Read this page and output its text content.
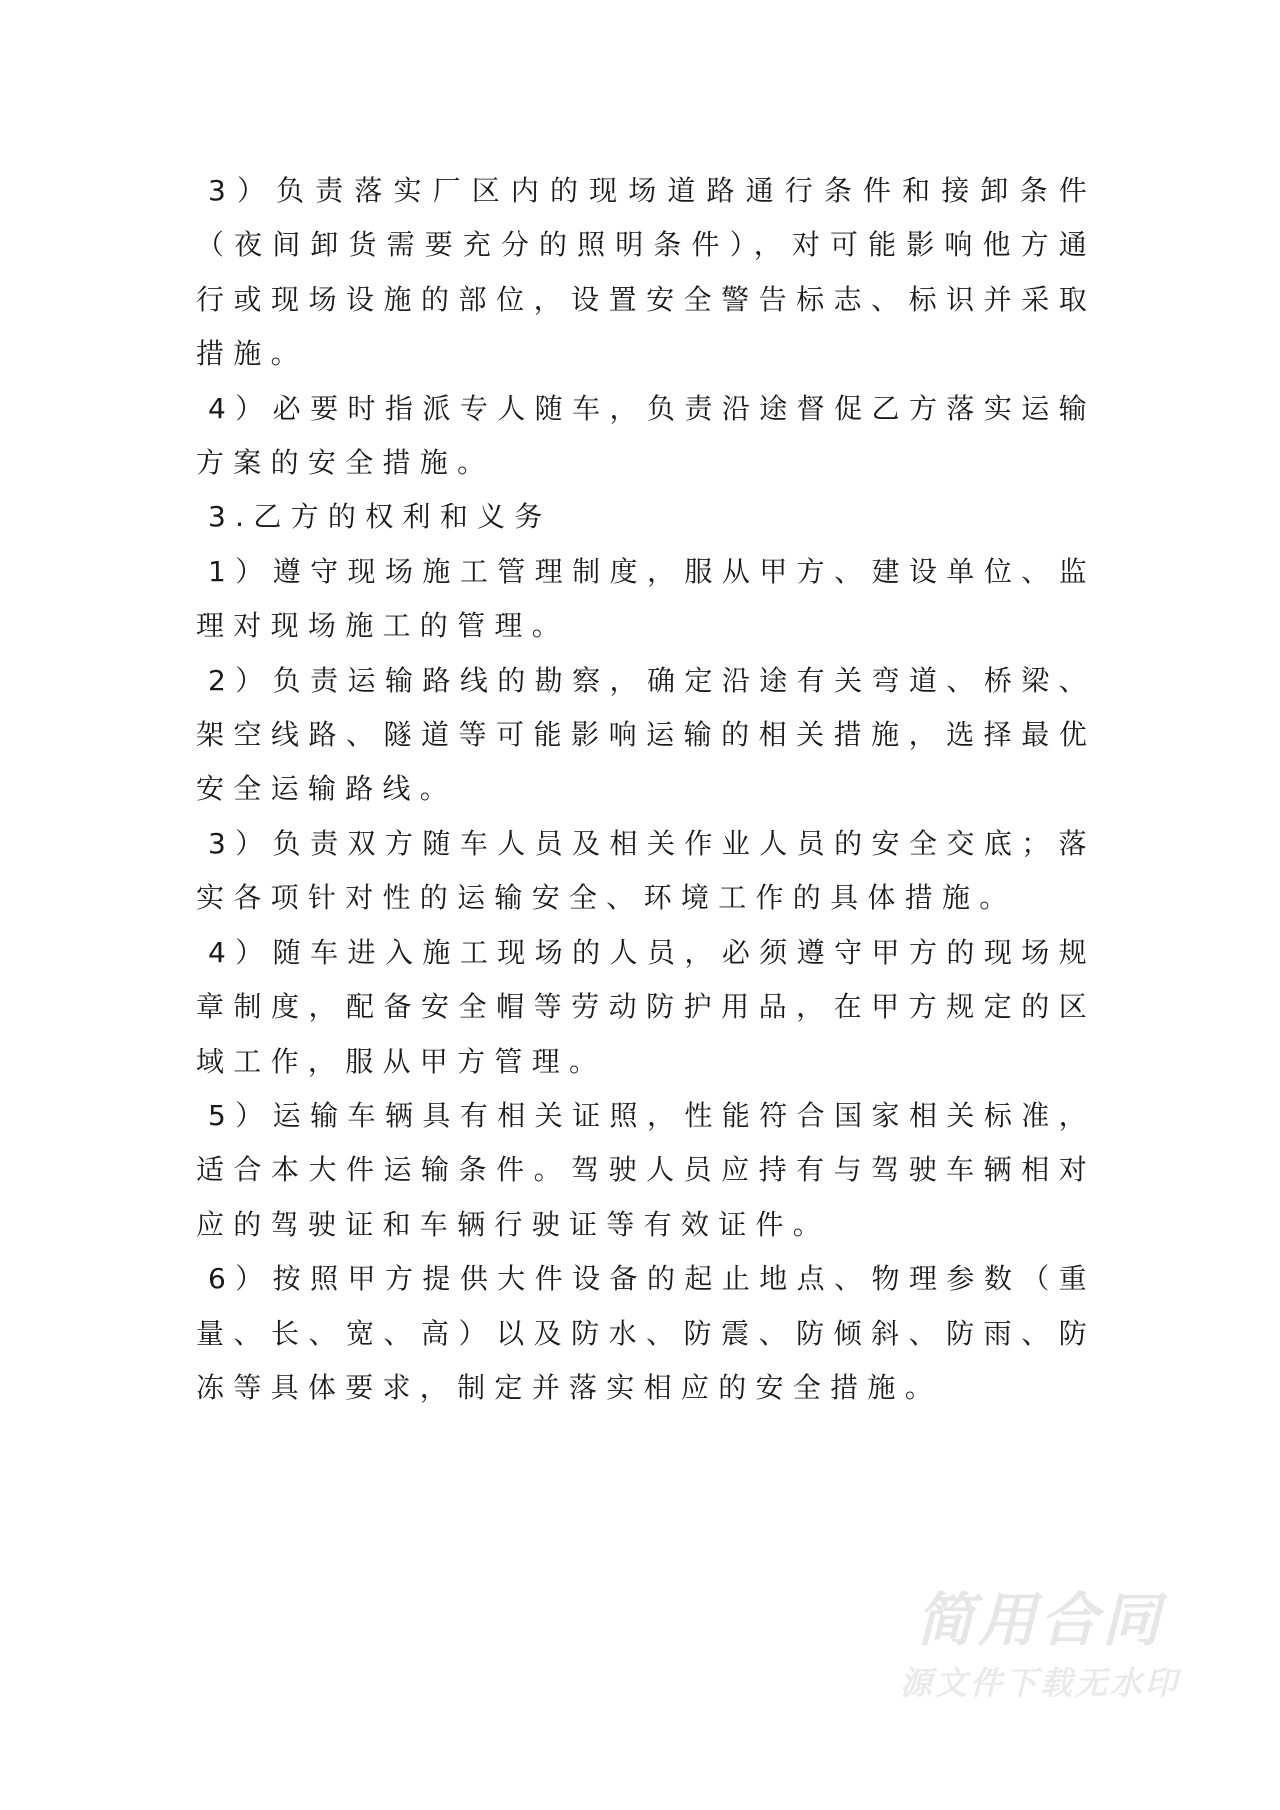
3）负责落实厂区内的现场道路通行条件和接卸条件（夜间卸货需要充分的照明条件），对可能影响他方通行或现场设施的部位，设置安全警告标志、标识并采取措施。

4）必要时指派专人随车，负责沿途督促乙方落实运输方案的安全措施。

3.乙方的权利和义务

1）遵守现场施工管理制度，服从甲方、建设单位、监理对现场施工的管理。

2）负责运输路线的勘察，确定沿途有关弯道、桥梁、架空线路、隧道等可能影响运输的相关措施，选择最优安全运输路线。

3）负责双方随车人员及相关作业人员的安全交底；落实各项针对性的运输安全、环境工作的具体措施。

4）随车进入施工现场的人员，必须遵守甲方的现场规章制度，配备安全帽等劳动防护用品，在甲方规定的区域工作，服从甲方管理。

5）运输车辆具有相关证照，性能符合国家相关标准，适合本大件运输条件。驾驶人员应持有与驾驶车辆相对应的驾驶证和车辆行驶证等有效证件。

6）按照甲方提供大件设备的起止地点、物理参数（重量、长、宽、高）以及防水、防震、防倾斜、防雨、防冻等具体要求，制定并落实相应的安全措施。

简用合同
源文件下载无水印
